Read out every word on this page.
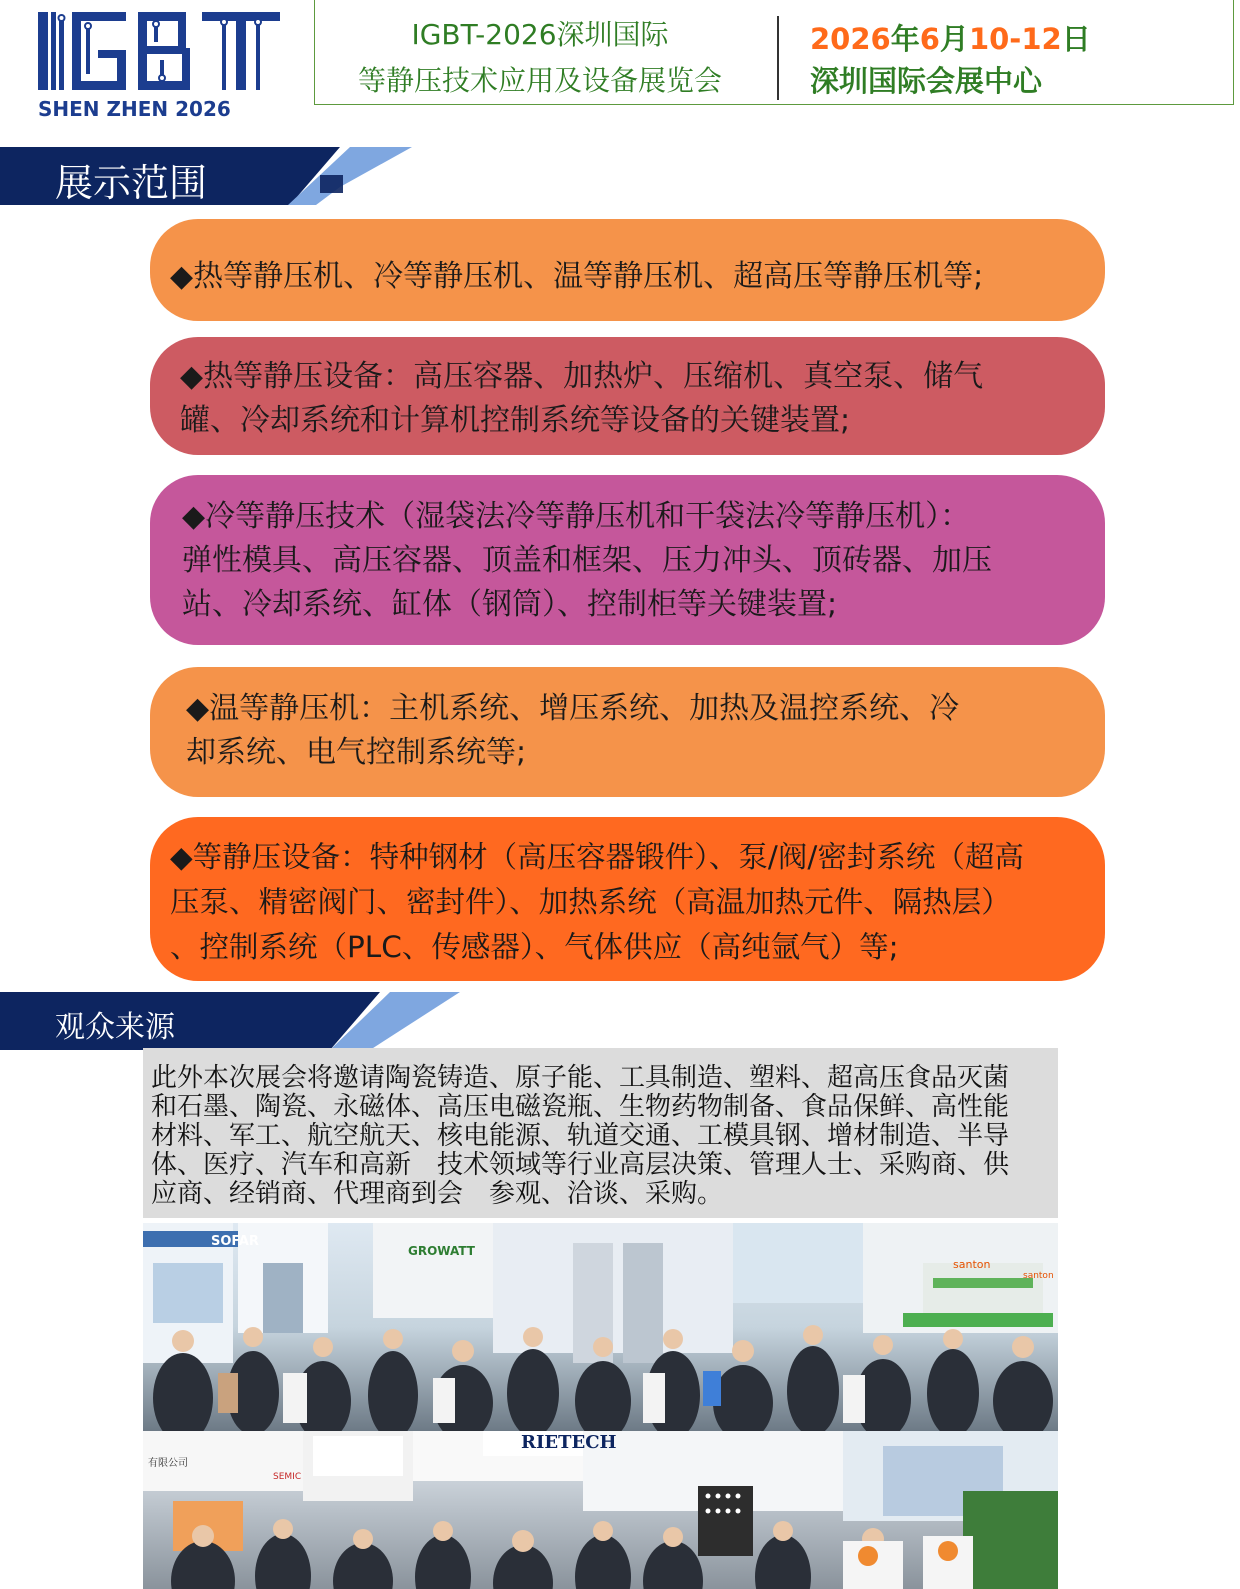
SHEN ZHEN 2026
IGBT-2026深圳国际
等静压技术应用及设备展览会
2026年6月10-12日
深圳国际会展中心
展示范围
◆热等静压机、冷等静压机、温等静压机、超高压等静压机等;
◆热等静压设备：高压容器、加热炉、压缩机、真空泵、储气
罐、冷却系统和计算机控制系统等设备的关键装置;
◆冷等静压技术（湿袋法冷等静压机和干袋法冷等静压机）：
弹性模具、高压容器、顶盖和框架、压力冲头、顶砖器、加压
站、冷却系统、缸体（钢筒）、控制柜等关键装置;
◆温等静压机：主机系统、增压系统、加热及温控系统、冷
却系统、电气控制系统等;
◆等静压设备：特种钢材（高压容器锻件）、泵/阀/密封系统（超高
压泵、精密阀门、密封件）、加热系统（高温加热元件、隔热层）
、控制系统（PLC、传感器）、气体供应（高纯氩气）等;
观众来源
此外本次展会将邀请陶瓷铸造、原子能、工具制造、塑料、超高压食品灭菌
和石墨、陶瓷、永磁体、高压电磁瓷瓶、生物药物制备、食品保鲜、高性能
材料、军工、航空航天、核电能源、轨道交通、工模具钢、增材制造、半导
体、医疗、汽车和高新　技术领域等行业高层决策、管理人士、采购商、供
应商、经销商、代理商到会　参观、洽谈、采购。
SOFAR
GROWATT
santon
santon
有限公司
SEMIC
RIETECH
